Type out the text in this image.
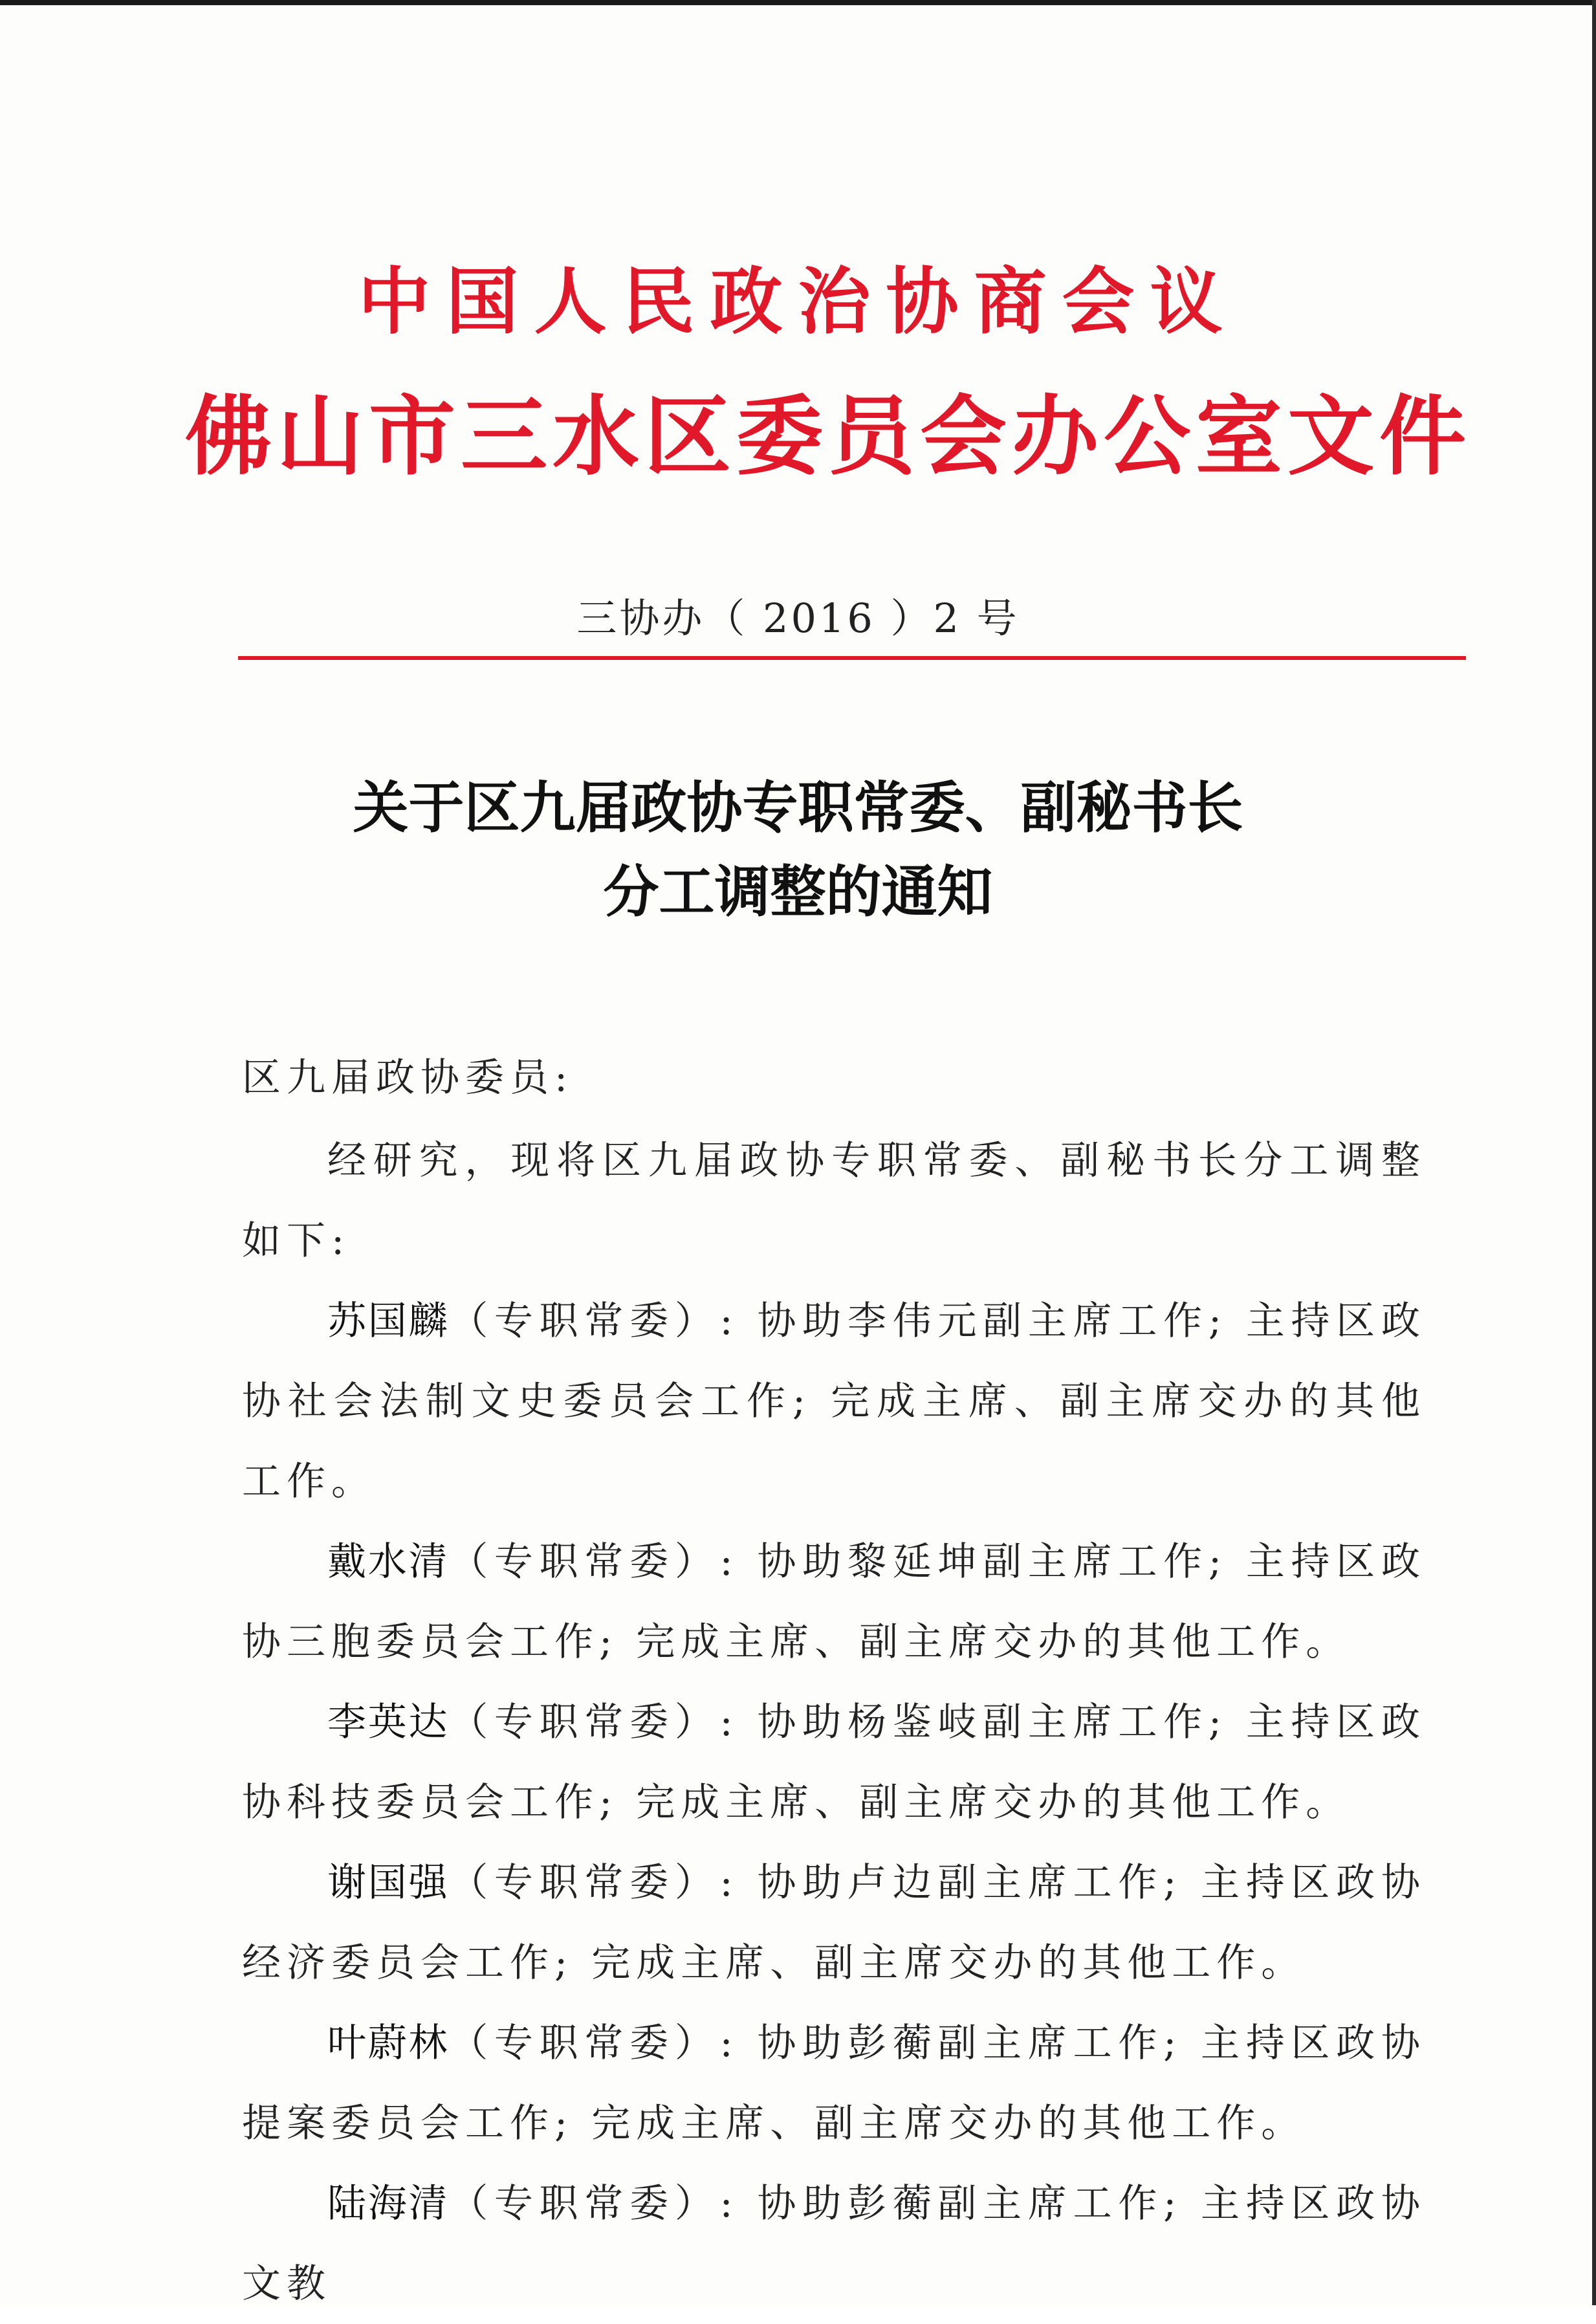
中国人民政治协商会议
佛山市三水区委员会办公室文件
三协办（ 2016 ）2 号
关于区九届政协专职常委、副秘书长
分工调整的通知

区九届政协委员:

经研究，现将区九届政协专职常委、副秘书长分工调整如下:

苏国麟（专职常委）: 协助李伟元副主席工作; 主持区政协社会法制文史委员会工作; 完成主席、副主席交办的其他工作。

戴水清（专职常委）: 协助黎延坤副主席工作; 主持区政协三胞委员会工作; 完成主席、副主席交办的其他工作。

李英达（专职常委）: 协助杨鉴岐副主席工作; 主持区政协科技委员会工作; 完成主席、副主席交办的其他工作。

谢国强（专职常委）: 协助卢边副主席工作; 主持区政协经济委员会工作; 完成主席、副主席交办的其他工作。

叶蔚林（专职常委）: 协助彭蘅副主席工作; 主持区政协提案委员会工作; 完成主席、副主席交办的其他工作。

陆海清（专职常委）: 协助彭蘅副主席工作; 主持区政协文教
